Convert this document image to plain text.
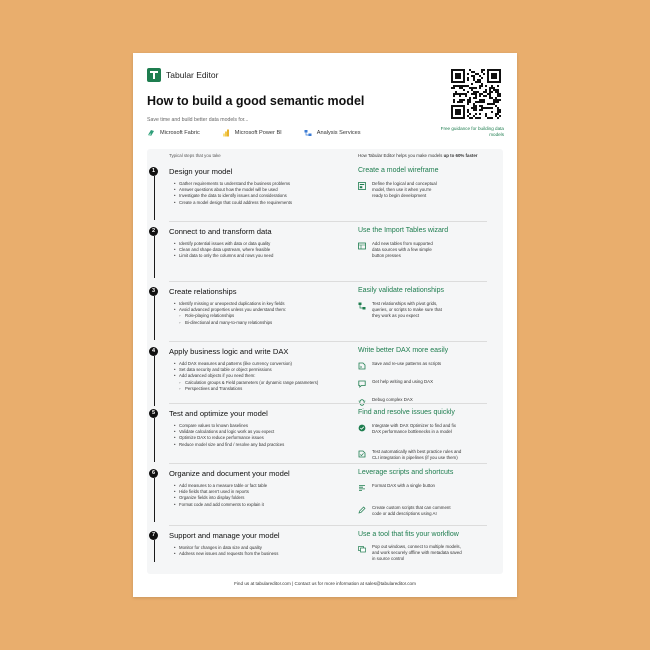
Tabular Editor
How to build a good semantic model
Save time and build better data models for...
Microsoft Fabric	Microsoft Power BI	Analysis Services
Free guidance for building data models
Typical steps that you take	How Tabular Editor helps you make models up to 60% faster
1	Design your model
• Gather requirements to understand the business problems
• Answer questions about how the model will be used
• Investigate the data to identify issues and considerations
• Create a model design that could address the requirements
Create a model wireframe
Define the logical and conceptual
model, then use it when you're
ready to begin development
2	Connect to and transform data
• Identify potential issues with data or data quality
• Clean and shape data upstream, where feasible
• Limit data to only the columns and rows you need
Use the Import Tables wizard
Add new tables from supported
data sources with a few simple
button presses
3	Create relationships
• Identify missing or unexpected duplications in key fields
• Avoid advanced properties unless you understand them:
◦ Role-playing relationships
◦ Bi-directional and many-to-many relationships
Easily validate relationships
Test relationships with pivot grids,
queries, or scripts to make sure that
they work as you expect
4	Apply business logic and write DAX
• Add DAX measures and patterns (like currency conversion)
• Set data security and table or object permissions
• Add advanced objects if you need them:
◦ Calculation groups & Field parameters (or dynamic range parameters)
◦ Perspectives and Translations
Write better DAX more easily
Save and re-use patterns as scripts
Get help writing and using DAX
Debug complex DAX
5	Test and optimize your model
• Compare values to known baselines
• Validate calculations and logic work as you expect
• Optimize DAX to reduce performance issues
• Reduce model size and find / resolve any bad practices
Find and resolve issues quickly
Integrate with DAX Optimizer to find and fix
DAX performance bottlenecks in a model
Test automatically with best practice rules and
CLI integration in pipelines (if you use them)
6	Organize and document your model
• Add measures to a measure table or fact table
• Hide fields that aren't used in reports
• Organize fields into display folders
• Format code and add comments to explain it
Leverage scripts and shortcuts
Format DAX with a single button
Create custom scripts that can comment
code or add descriptions using AI
7	Support and manage your model
• Monitor for changes in data size and quality
• Address new issues and requests from the business
Use a tool that fits your workflow
Pop out windows, connect to multiple models,
and work securely offline with metadata saved
in source control
Find us at tabulareditor.com | Contact us for more information at sales@tabulareditor.com
